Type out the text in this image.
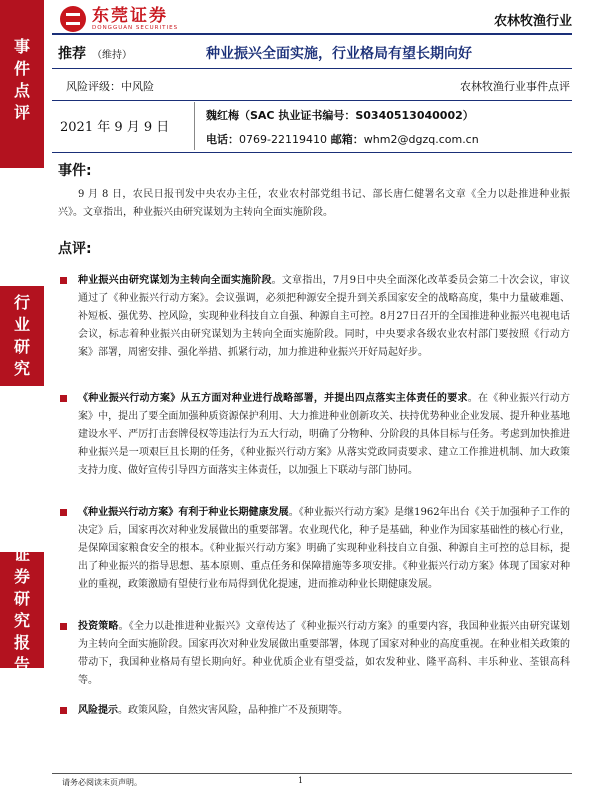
事件点评
行业研究
证券研究报告
东莞证券
DONGGUAN SECURITIES	农林牧渔行业
推荐 （维持）	种业振兴全面实施，行业格局有望长期向好
风险评级：中风险	农林牧渔行业事件点评
2021 年 9 月 9 日
魏红梅（SAC 执业证书编号：S0340513040002）
电话：0769-22119410 邮箱：whm2@dgzq.com.cn
事件:
9 月 8 日，农民日报刊发中央农办主任，农业农村部党组书记、部长唐仁健署名文章《全力以赴推进种业振兴》。文章指出，种业振兴由研究谋划为主转向全面实施阶段。
点评:
种业振兴由研究谋划为主转向全面实施阶段。文章指出，7月9日中央全面深化改革委员会第二十次会议，审议通过了《种业振兴行动方案》。会议强调，必须把种源安全提升到关系国家安全的战略高度，集中力量破难题、补短板、强优势、控风险，实现种业科技自立自强、种源自主可控。8月27日召开的全国推进种业振兴电视电话会议，标志着种业振兴由研究谋划为主转向全面实施阶段。同时，中央要求各级农业农村部门要按照《行动方案》部署，周密安排、强化举措、抓紧行动，加力推进种业振兴开好局起好步。
《种业振兴行动方案》从五方面对种业进行战略部署，并提出四点落实主体责任的要求。在《种业振兴行动方案》中，提出了要全面加强种质资源保护利用、大力推进种业创新攻关、扶持优势种业企业发展、提升种业基地建设水平、严厉打击套牌侵权等违法行为五大行动，明确了分物种、分阶段的具体目标与任务。考虑到加快推进种业振兴是一项艰巨且长期的任务，《种业振兴行动方案》从落实党政同责要求、建立工作推进机制、加大政策支持力度、做好宣传引导四方面落实主体责任，以加强上下联动与部门协同。
《种业振兴行动方案》有利于种业长期健康发展。《种业振兴行动方案》是继1962年出台《关于加强种子工作的决定》后，国家再次对种业发展做出的重要部署。农业现代化，种子是基础，种业作为国家基础性的核心行业，是保障国家粮食安全的根本。《种业振兴行动方案》明确了实现种业科技自立自强、种源自主可控的总目标，提出了种业振兴的指导思想、基本原则、重点任务和保障措施等多项安排。《种业振兴行动方案》体现了国家对种业的重视，政策激励有望使行业布局得到优化提速，进而推动种业长期健康发展。
投资策略。《全力以赴推进种业振兴》文章传达了《种业振兴行动方案》的重要内容，我国种业振兴由研究谋划为主转向全面实施阶段。国家再次对种业发展做出重要部署，体现了国家对种业的高度重视。在种业相关政策的带动下，我国种业格局有望长期向好。种业优质企业有望受益，如农发种业、隆平高科、丰乐种业、荃银高科等。
风险提示。政策风险，自然灾害风险，品种推广不及预期等。
请务必阅读末页声明。	1
